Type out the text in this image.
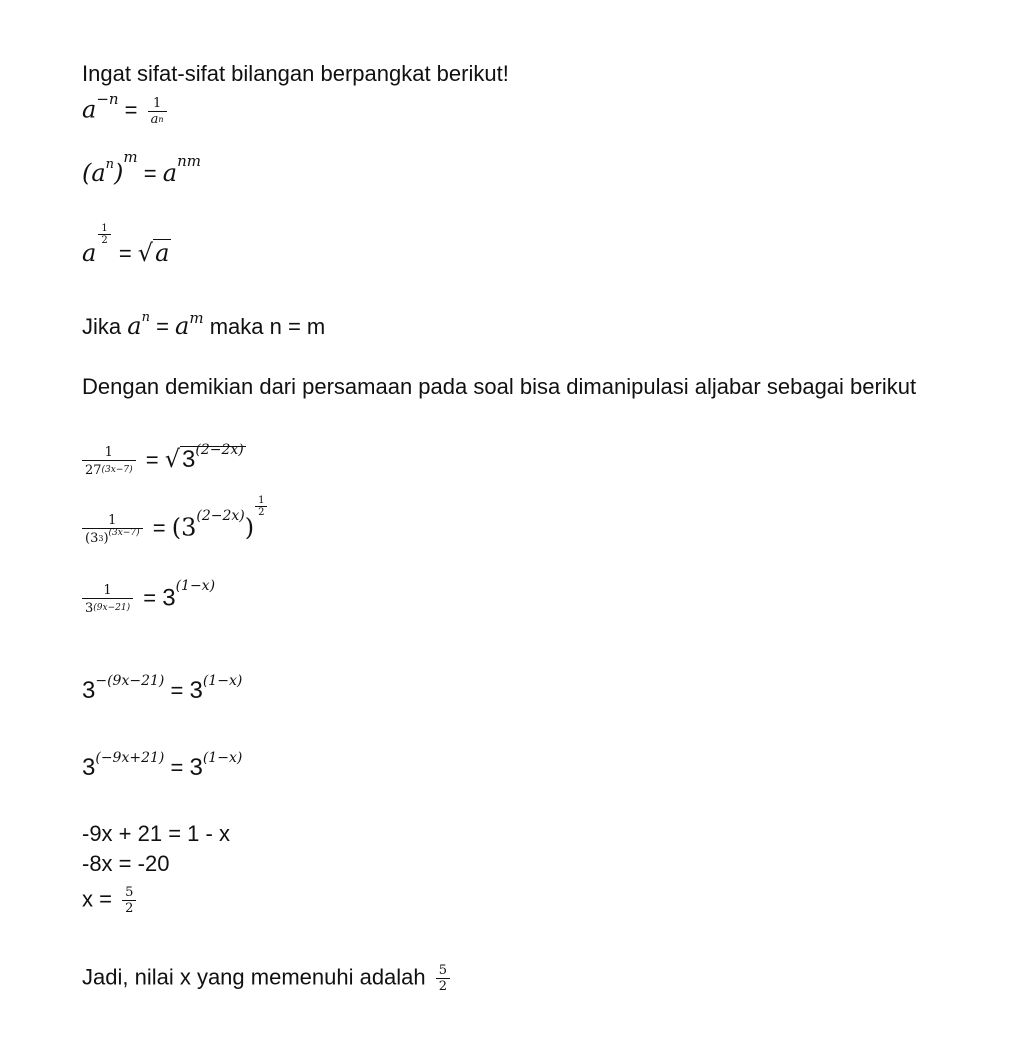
Ingat sifat-sifat bilangan berpangkat berikut!
$a^{-n} = \frac{1}{a^n}$
$(a^n)^m = a^{nm}$
a
$\frac{1}{2}$
= √a
Jika $a^n = a^m$ maka n = m
Dengan demikian dari persamaan pada soal bisa dimanipulasi aljabar sebagai berikut
$\frac{1}{27^{(3x-7)}} = √3^{(2-2x)}$
$\frac{1}{(3^3)^{(3x-7)}} = (3^{(2-2x)})$
$\frac{1}{2}$
$\frac{1}{3^{(9x-21)}} = 3^{(1-x)}$
$3^{-(9x-21)} = 3^{(1-x)}$
$3^{(-9x+21)} = 3^{(1-x)}$
-9x + 21 = 1 - x
-8x = -20
$x = \frac{5}{2}$
Jadi, nilai x yang memenuhi adalah $\frac{5}{2}$
